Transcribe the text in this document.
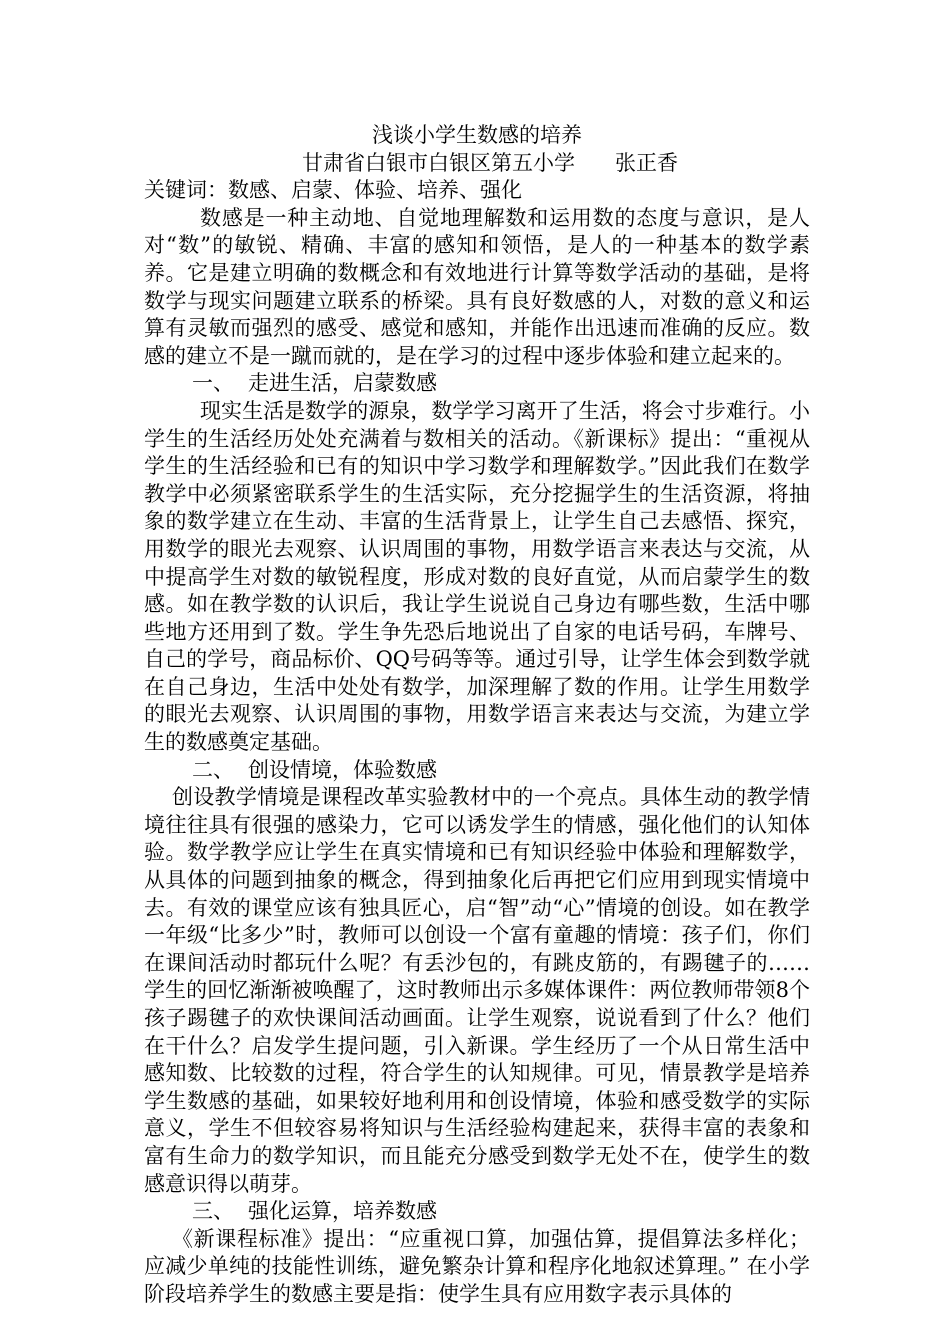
浅谈小学生数感的培养
甘肃省白银市白银区第五小学 张正香
关键词：数感、启蒙、体验、培养、强化

数感是一种主动地、自觉地理解数和运用数的态度与意识，是人对“数”的敏锐、精确、丰富的感知和领悟，是人的一种基本的数学素养。它是建立明确的数概念和有效地进行计算等数学活动的基础，是将数学与现实问题建立联系的桥梁。具有良好数感的人，对数的意义和运算有灵敏而强烈的感受、感觉和感知，并能作出迅速而准确的反应。数感的建立不是一蹴而就的，是在学习的过程中逐步体验和建立起来的。

一、 走进生活，启蒙数感

现实生活是数学的源泉，数学学习离开了生活，将会寸步难行。小学生的生活经历处处充满着与数相关的活动。《新课标》提出：“重视从学生的生活经验和已有的知识中学习数学和理解数学。”因此我们在数学教学中必须紧密联系学生的生活实际，充分挖掘学生的生活资源，将抽象的数学建立在生动、丰富的生活背景上，让学生自己去感悟、探究，用数学的眼光去观察、认识周围的事物，用数学语言来表达与交流，从中提高学生对数的敏锐程度，形成对数的良好直觉，从而启蒙学生的数感。如在教学数的认识后，我让学生说说自己身边有哪些数，生活中哪些地方还用到了数。学生争先恐后地说出了自家的电话号码，车牌号、自己的学号，商品标价、QQ号码等等。通过引导，让学生体会到数学就在自己身边，生活中处处有数学，加深理解了数的作用。让学生用数学的眼光去观察、认识周围的事物，用数学语言来表达与交流，为建立学生的数感奠定基础。

二、 创设情境，体验数感

创设教学情境是课程改革实验教材中的一个亮点。具体生动的教学情境往往具有很强的感染力，它可以诱发学生的情感，强化他们的认知体验。数学教学应让学生在真实情境和已有知识经验中体验和理解数学，从具体的问题到抽象的概念，得到抽象化后再把它们应用到现实情境中去。有效的课堂应该有独具匠心，启“智”动“心”情境的创设。如在教学一年级“比多少”时，教师可以创设一个富有童趣的情境：孩子们，你们在课间活动时都玩什么呢？有丢沙包的，有跳皮筋的，有踢毽子的……学生的回忆渐渐被唤醒了，这时教师出示多媒体课件：两位教师带领8个孩子踢毽子的欢快课间活动画面。让学生观察，说说看到了什么？他们在干什么？启发学生提问题，引入新课。学生经历了一个从日常生活中感知数、比较数的过程，符合学生的认知规律。可见，情景教学是培养学生数感的基础，如果较好地利用和创设情境，体验和感受数学的实际意义，学生不但较容易将知识与生活经验构建起来，获得丰富的表象和富有生命力的数学知识，而且能充分感受到数学无处不在，使学生的数感意识得以萌芽。

三、 强化运算，培养数感

《新课程标准》提出：“应重视口算，加强估算，提倡算法多样化；应减少单纯的技能性训练，避免繁杂计算和程序化地叙述算理。” 在小学阶段培养学生的数感主要是指：使学生具有应用数字表示具体的
